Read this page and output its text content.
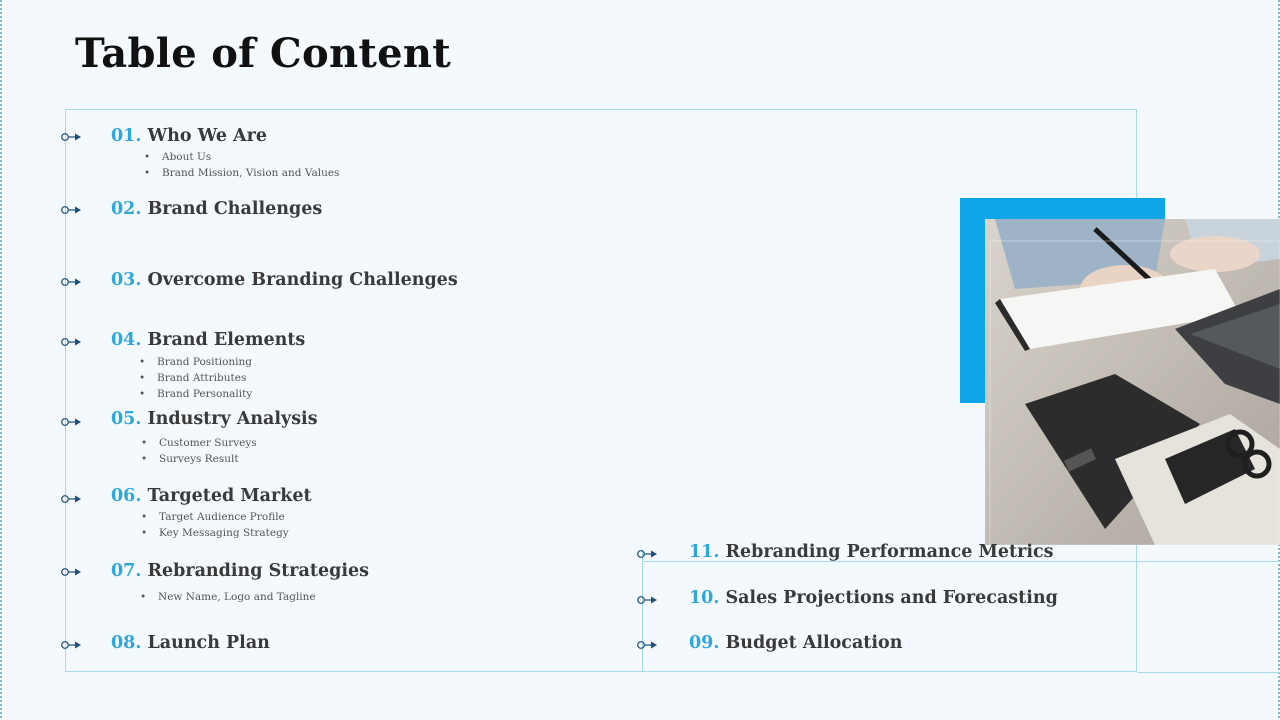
Table of Content
01. Who We Are
• About Us
• Brand Mission, Vision and Values
02. Brand Challenges
03. Overcome Branding Challenges
04. Brand Elements
• Brand Positioning
• Brand Attributes
• Brand Personality
05. Industry Analysis
• Customer Surveys
• Surveys Result
06. Targeted Market
• Target Audience Profile
• Key Messaging Strategy
07. Rebranding Strategies
• New Name, Logo and Tagline
08. Launch Plan
11. Rebranding Performance Metrics
10. Sales Projections and Forecasting
09. Budget Allocation
